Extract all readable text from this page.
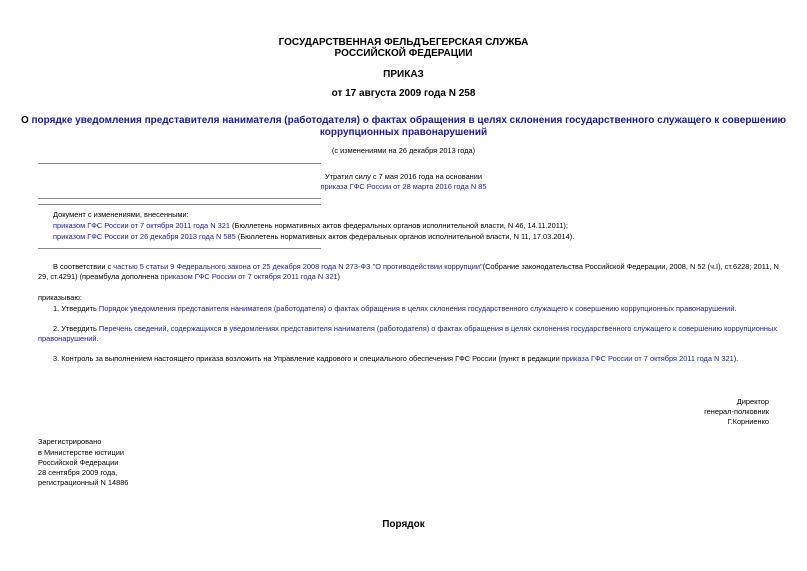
ГОСУДАРСТВЕННАЯ ФЕЛЬДЪЕГЕРСКАЯ СЛУЖБА
РОССИЙСКОЙ ФЕДЕРАЦИИ
ПРИКАЗ
от 17 августа 2009 года N 258
О порядке уведомления представителя нанимателя (работодателя) о фактах обращения в целях склонения государственного служащего к совершению
коррупционных правонарушений
(с изменениями на 26 декабря 2013 года)
Утратил силу с 7 мая 2016 года на основании
приказа ГФС России от 28 марта 2016 года N 85
Документ с изменениями, внесенными:
приказом ГФС России от 7 октября 2011 года N 321 (Бюллетень нормативных актов федеральных органов исполнительной власти, N 46, 14.11.2011);
приказом ГФС России от 26 декабря 2013 года N 585 (Бюллетень нормативных актов федеральных органов исполнительной власти, N 11, 17.03.2014).
В соответствии с частью 5 статьи 9 Федерального закона от 25 декабря 2008 года N 273-ФЗ "О противодействии коррупции"(Собрание законодательства Российской Федерации, 2008, N 52 (ч.I), ст.6228; 2011, N
29, ст.4291) (преамбула дополнена приказом ГФС России от 7 октября 2011 года N 321)
приказываю:
1. Утвердить Порядок уведомления представителя нанимателя (работодателя) о фактах обращения в целях склонения государственного служащего к совершению коррупционных правонарушений.
2. Утвердить Перечень сведений, содержащихся в уведомлениях представителя нанимателя (работодателя) о фактах обращения в целях склонения государственного служащего к совершению коррупционных
правонарушений.
3. Контроль за выполнением настоящего приказа возложить на Управление кадрового и специального обеспечения ГФС России (пункт в редакции приказа ГФС России от 7 октября 2011 года N 321).
Директор
генерал-полковник
Г.Корниенко
Зарегистрировано
в Министерстве юстиции
Российской Федерации
28 сентября 2009 года,
регистрационный N 14886
Порядок
